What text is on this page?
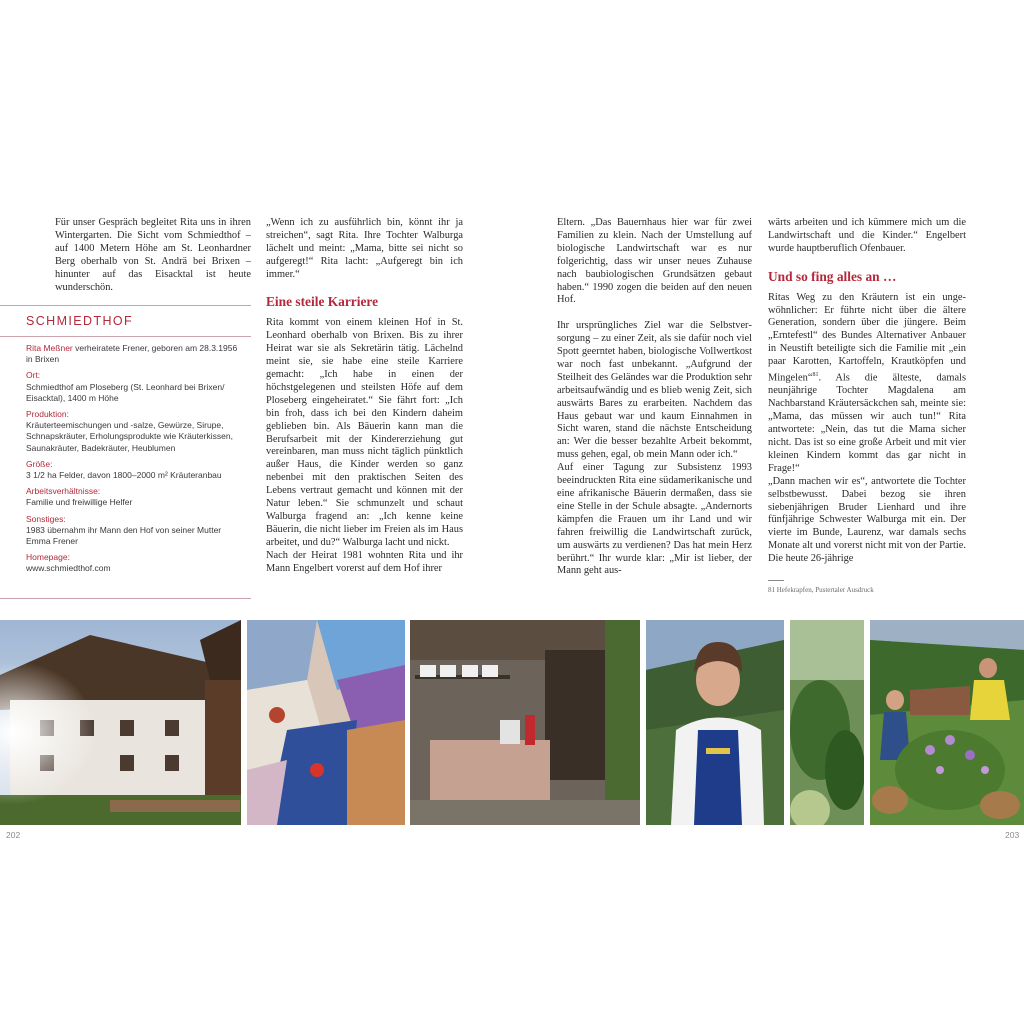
Für unser Gespräch begleitet Rita uns in ihren Wintergarten. Die Sicht vom Schmiedthof – auf 1400 Metern Höhe am St. Leonhardner Berg oberhalb von St. Andrä bei Brixen – hinunter auf das Eisacktal ist heute wunderschön.

SCHMIEDTHOF
Rita Meßner verheiratete Frener, geboren am 28.3.1956 in Brixen
Ort:
Schmiedthof am Ploseberg (St. Leonhard bei Brixen/ Eisacktal), 1400 m Höhe
Produktion:
Kräuterteemischungen und -salze, Gewürze, Sirupe, Schnapskräuter, Erholungsprodukte wie Kräuterkissen, Saunakräuter, Badekräuter, Heublumen
Größe:
3 1/2 ha Felder, davon 1800–2000 m² Kräuteranbau
Arbeitsverhältnisse:
Familie und freiwillige Helfer
Sonstiges:
1983 übernahm ihr Mann den Hof von seiner Mutter Emma Frener
Homepage:
www.schmiedthof.com

„Wenn ich zu ausführlich bin, könnt ihr ja streichen“, sagt Rita. Ihre Tochter Walburga lächelt und meint: „Mama, bitte sei nicht so aufgeregt!“ Rita lacht: „Aufgeregt bin ich immer.“

Eine steile Karriere

Rita kommt von einem kleinen Hof in St. Leonhard oberhalb von Brixen. Bis zu ihrer Heirat war sie als Sekretärin tätig. Lächelnd meint sie, sie habe eine steile Karriere gemacht: „Ich habe in einen der höchstgelegenen und steilsten Höfe auf dem Ploseberg eingeheiratet.“ Sie fährt fort: „Ich bin froh, dass ich bei den Kindern daheim geblieben bin. Als Bäuerin kann man die Berufsarbeit mit der Kindererziehung gut vereinbaren, man muss nicht täglich pünktlich außer Haus, die Kinder werden so ganz nebenbei mit den praktischen Seiten des Lebens vertraut gemacht und können mit der Natur leben.“ Sie schmunzelt und schaut Walburga fragend an: „Ich kenne keine Bäuerin, die nicht lieber im Freien als im Haus arbeitet, und du?“ Walburga lacht und nickt.

Nach der Heirat 1981 wohnten Rita und ihr Mann Engelbert vorerst auf dem Hof ihrer

Eltern. „Das Bauernhaus hier war für zwei Familien zu klein. Nach der Umstellung auf biologische Landwirtschaft war es nur folgerichtig, dass wir unser neues Zuhause nach baubiologischen Grundsätzen gebaut haben.“ 1990 zogen die beiden auf den neuen Hof.

Ihr ursprüngliches Ziel war die Selbstversorgung – zu einer Zeit, als sie dafür noch viel Spott geerntet haben, biologische Vollwertkost war noch fast unbekannt. „Aufgrund der Steilheit des Geländes war die Produktion sehr arbeitsaufwändig und es blieb wenig Zeit, sich auswärts Bares zu erarbeiten. Nachdem das Haus gebaut war und kaum Einnahmen in Sicht waren, stand die nächste Entscheidung an: Wer die besser bezahlte Arbeit bekommt, muss gehen, egal, ob mein Mann oder ich.“

Auf einer Tagung zur Subsistenz 1993 beeindruckten Rita eine südamerikanische und eine afrikanische Bäuerin dermaßen, dass sie eine Stelle in der Schule absagte. „Andernorts kämpfen die Frauen um ihr Land und wir fahren freiwillig die Landwirtschaft zurück, um auswärts zu verdienen? Das hat mein Herz berührt.“ Ihr wurde klar: „Mir ist lieber, der Mann geht aus-

wärts arbeiten und ich kümmere mich um die Landwirtschaft und die Kinder.“ Engelbert wurde hauptberuflich Ofenbauer.

Und so fing alles an …

Ritas Weg zu den Kräutern ist ein ungewöhnlicher: Er führte nicht über die ältere Generation, sondern über die jüngere. Beim „Erntefestl“ des Bundes Alternativer Anbauer in Neustift beteiligte sich die Familie mit „ein paar Karotten, Kartoffeln, Krautköpfen und Mingelen“$^{81}$. Als die älteste, damals neunjährige Tochter Magdalena am Nachbarstand Kräutersäckchen sah, meinte sie: „Mama, das müssen wir auch tun!“ Rita antwortete: „Nein, das tut die Mama sicher nicht. Das ist so eine große Arbeit und mit vier kleinen Kindern kommt das gar nicht in Frage!“

„Dann machen wir es“, antwortete die Tochter selbstbewusst. Dabei bezog sie ihren siebenjährigen Bruder Lienhard und ihre fünfjährige Schwester Walburga mit ein. Der vierte im Bunde, Laurenz, war damals sechs Monate alt und vorerst nicht mit von der Partie. Die heute 26-jährige

81 Hefekrapfen, Pustertaler Ausdruck
202	203
